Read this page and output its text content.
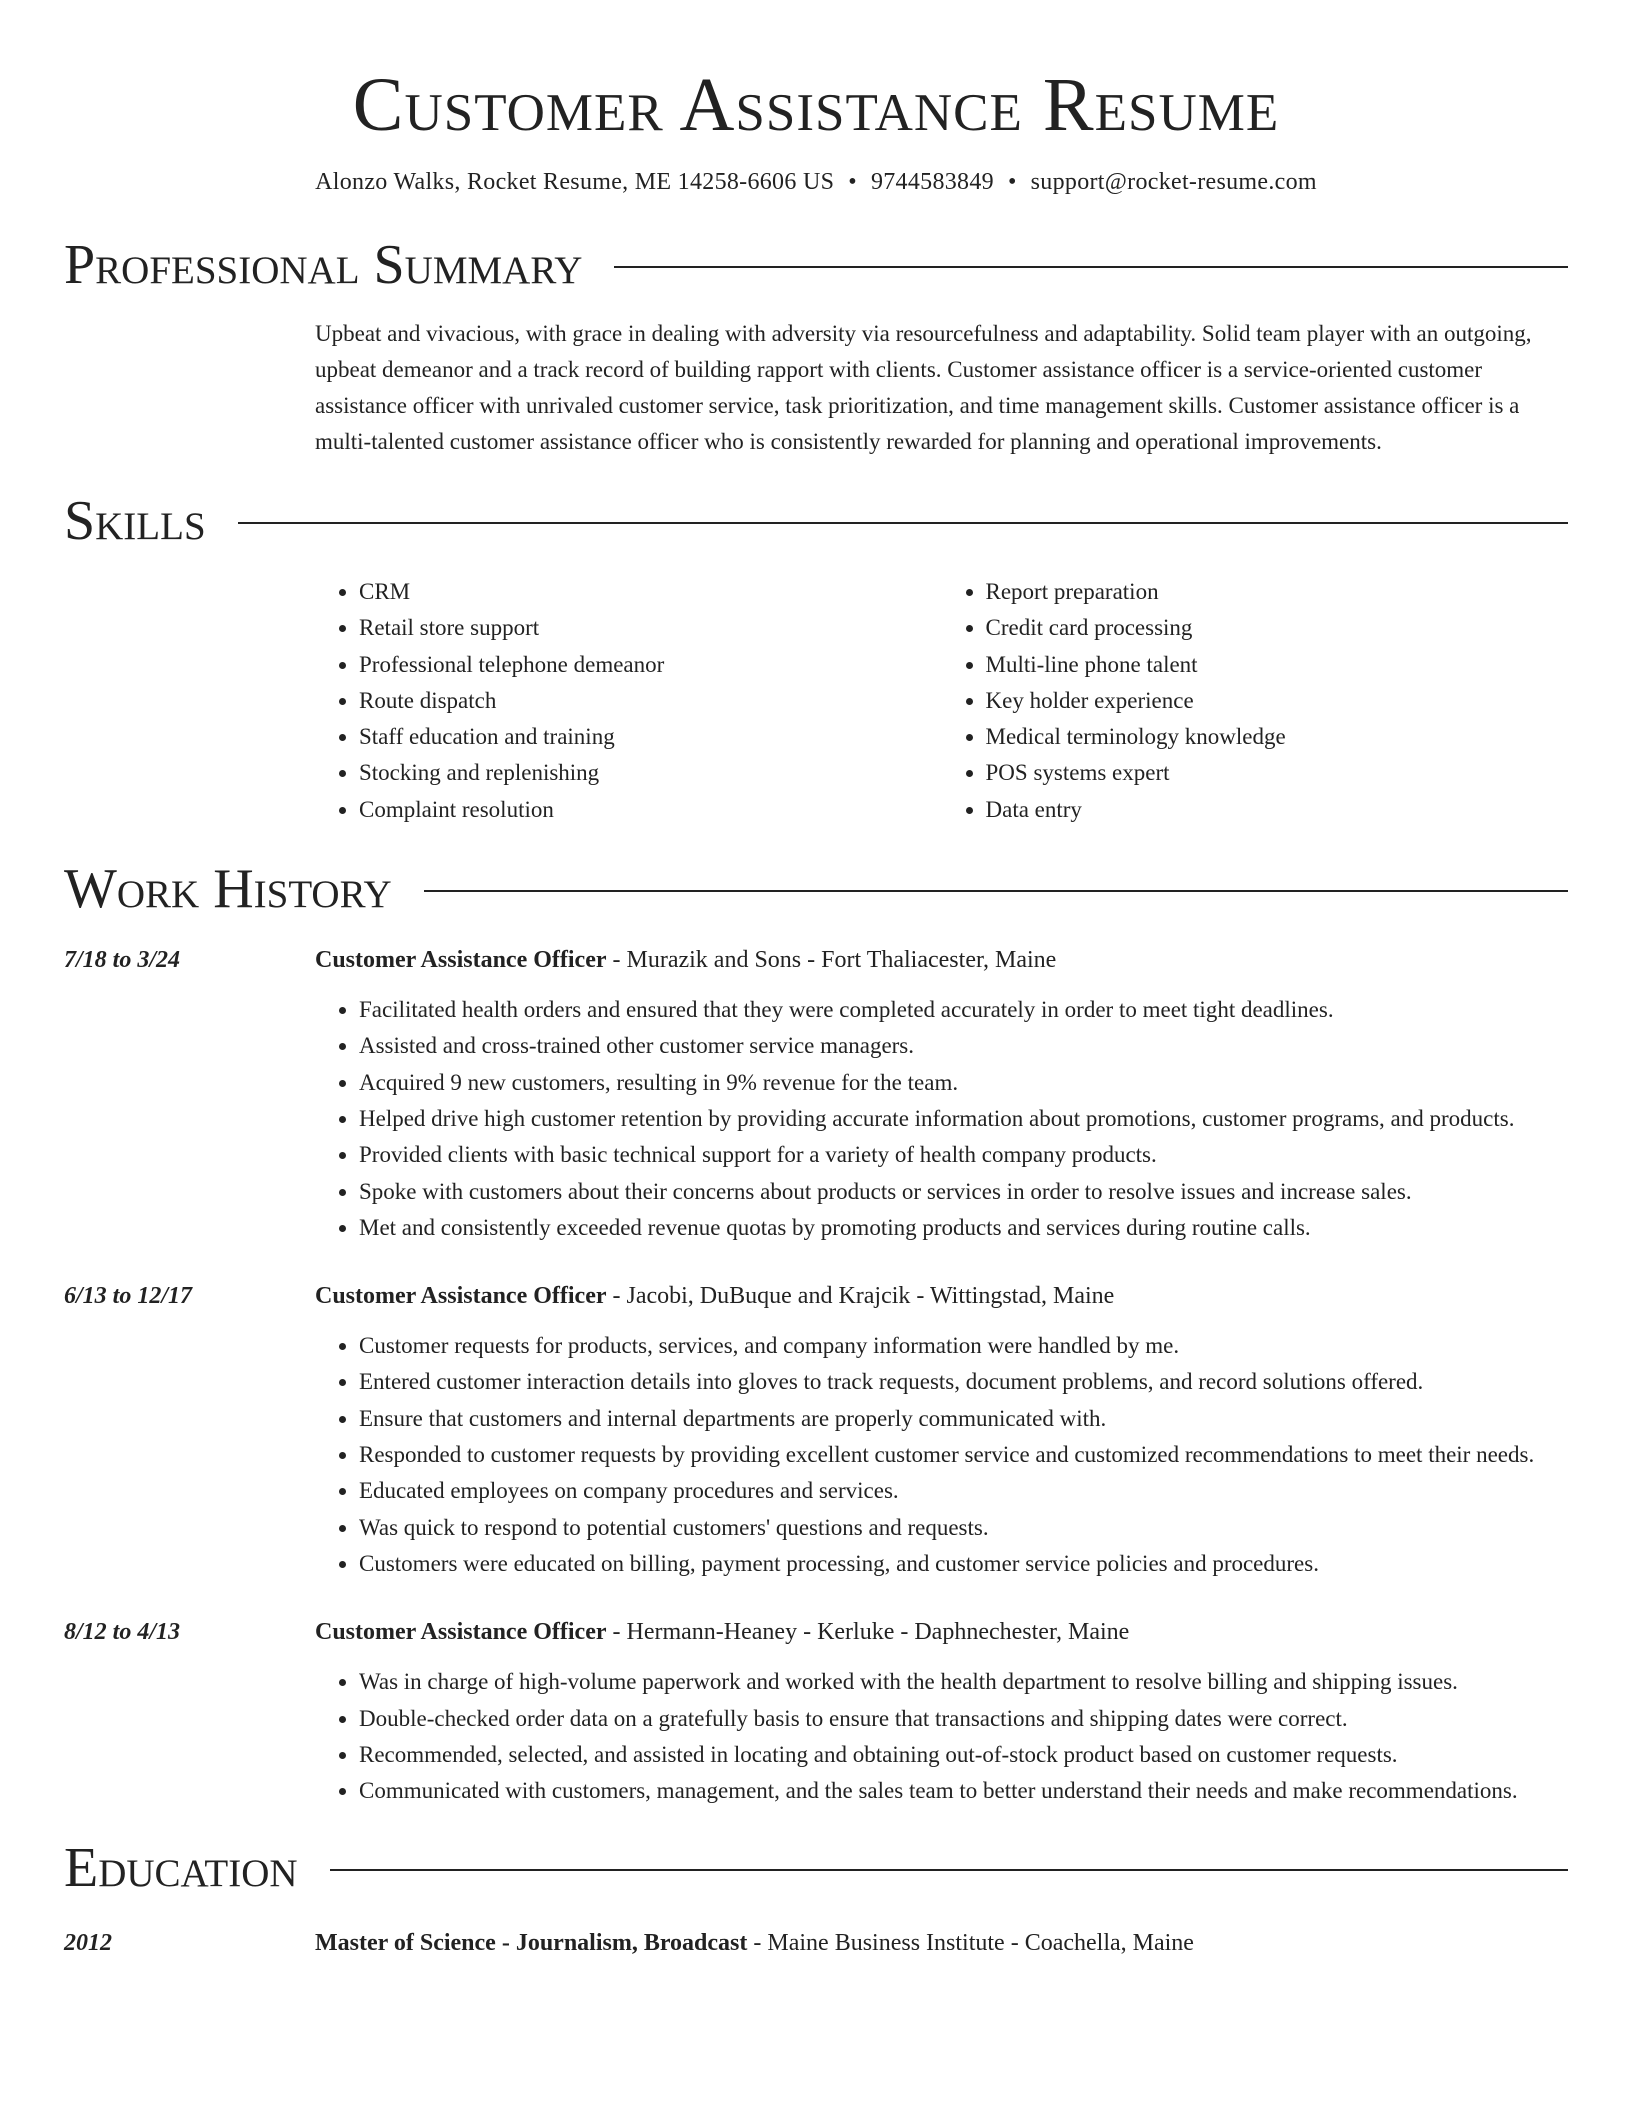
Customer Assistance Resume
Alonzo Walks, Rocket Resume, ME 14258-6606 US • 9744583849 • support@rocket-resume.com
Professional Summary
Upbeat and vivacious, with grace in dealing with adversity via resourcefulness and adaptability. Solid team player with an outgoing, upbeat demeanor and a track record of building rapport with clients. Customer assistance officer is a service-oriented customer assistance officer with unrivaled customer service, task prioritization, and time management skills. Customer assistance officer is a multi-talented customer assistance officer who is consistently rewarded for planning and operational improvements.
Skills
• CRM
• Retail store support
• Professional telephone demeanor
• Route dispatch
• Staff education and training
• Stocking and replenishing
• Complaint resolution
• Report preparation
• Credit card processing
• Multi-line phone talent
• Key holder experience
• Medical terminology knowledge
• POS systems expert
• Data entry
Work History
7/18 to 3/24	Customer Assistance Officer - Murazik and Sons - Fort Thaliacester, Maine
• Facilitated health orders and ensured that they were completed accurately in order to meet tight deadlines.
• Assisted and cross-trained other customer service managers.
• Acquired 9 new customers, resulting in 9% revenue for the team.
• Helped drive high customer retention by providing accurate information about promotions, customer programs, and products.
• Provided clients with basic technical support for a variety of health company products.
• Spoke with customers about their concerns about products or services in order to resolve issues and increase sales.
• Met and consistently exceeded revenue quotas by promoting products and services during routine calls.
6/13 to 12/17	Customer Assistance Officer - Jacobi, DuBuque and Krajcik - Wittingstad, Maine
• Customer requests for products, services, and company information were handled by me.
• Entered customer interaction details into gloves to track requests, document problems, and record solutions offered.
• Ensure that customers and internal departments are properly communicated with.
• Responded to customer requests by providing excellent customer service and customized recommendations to meet their needs.
• Educated employees on company procedures and services.
• Was quick to respond to potential customers' questions and requests.
• Customers were educated on billing, payment processing, and customer service policies and procedures.
8/12 to 4/13	Customer Assistance Officer - Hermann-Heaney - Kerluke - Daphnechester, Maine
• Was in charge of high-volume paperwork and worked with the health department to resolve billing and shipping issues.
• Double-checked order data on a gratefully basis to ensure that transactions and shipping dates were correct.
• Recommended, selected, and assisted in locating and obtaining out-of-stock product based on customer requests.
• Communicated with customers, management, and the sales team to better understand their needs and make recommendations.
Education
2012	Master of Science - Journalism, Broadcast - Maine Business Institute - Coachella, Maine
